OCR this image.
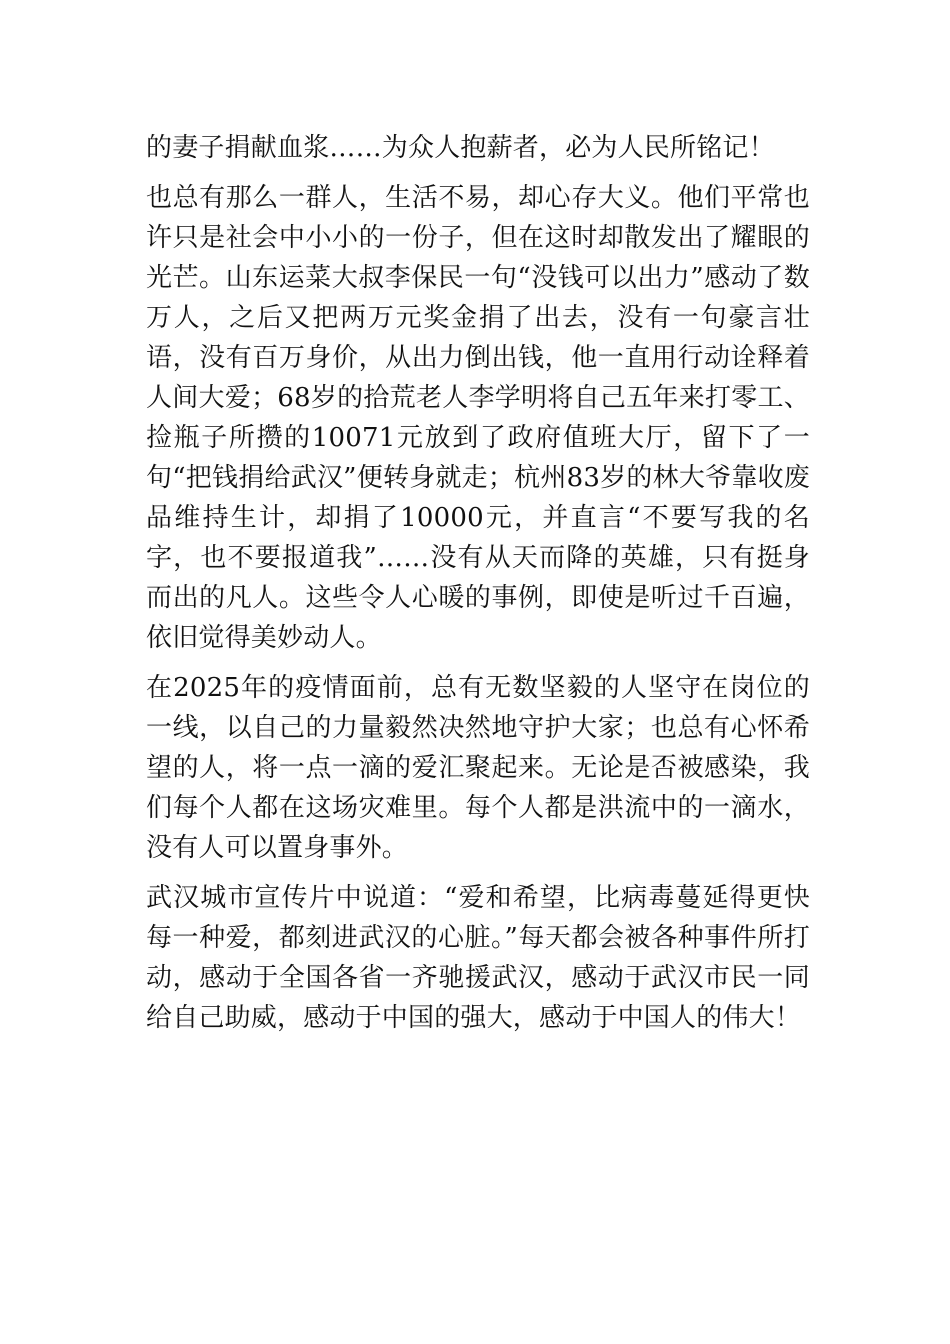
的妻子捐献血浆……为众人抱薪者，必为人民所铭记！

也总有那么一群人，生活不易，却心存大义。他们平常也许只是社会中小小的一份子，但在这时却散发出了耀眼的光芒。山东运菜大叔李保民一句“没钱可以出力”感动了数万人，之后又把两万元奖金捐了出去，没有一句豪言壮语，没有百万身价，从出力倒出钱，他一直用行动诠释着人间大爱；68岁的拾荒老人李学明将自己五年来打零工、捡瓶子所攒的10071元放到了政府值班大厅，留下了一句“把钱捐给武汉”便转身就走；杭州83岁的林大爷靠收废品维持生计，却捐了10000元，并直言“不要写我的名字，也不要报道我”……没有从天而降的英雄，只有挺身而出的凡人。这些令人心暖的事例，即使是听过千百遍，依旧觉得美妙动人。

在2025年的疫情面前，总有无数坚毅的人坚守在岗位的一线，以自己的力量毅然决然地守护大家；也总有心怀希望的人，将一点一滴的爱汇聚起来。无论是否被感染，我们每个人都在这场灾难里。每个人都是洪流中的一滴水，没有人可以置身事外。

武汉城市宣传片中说道：“爱和希望，比病毒蔓延得更快每一种爱，都刻进武汉的心脏。”每天都会被各种事件所打动，感动于全国各省一齐驰援武汉，感动于武汉市民一同给自己助威，感动于中国的强大，感动于中国人的伟大！
